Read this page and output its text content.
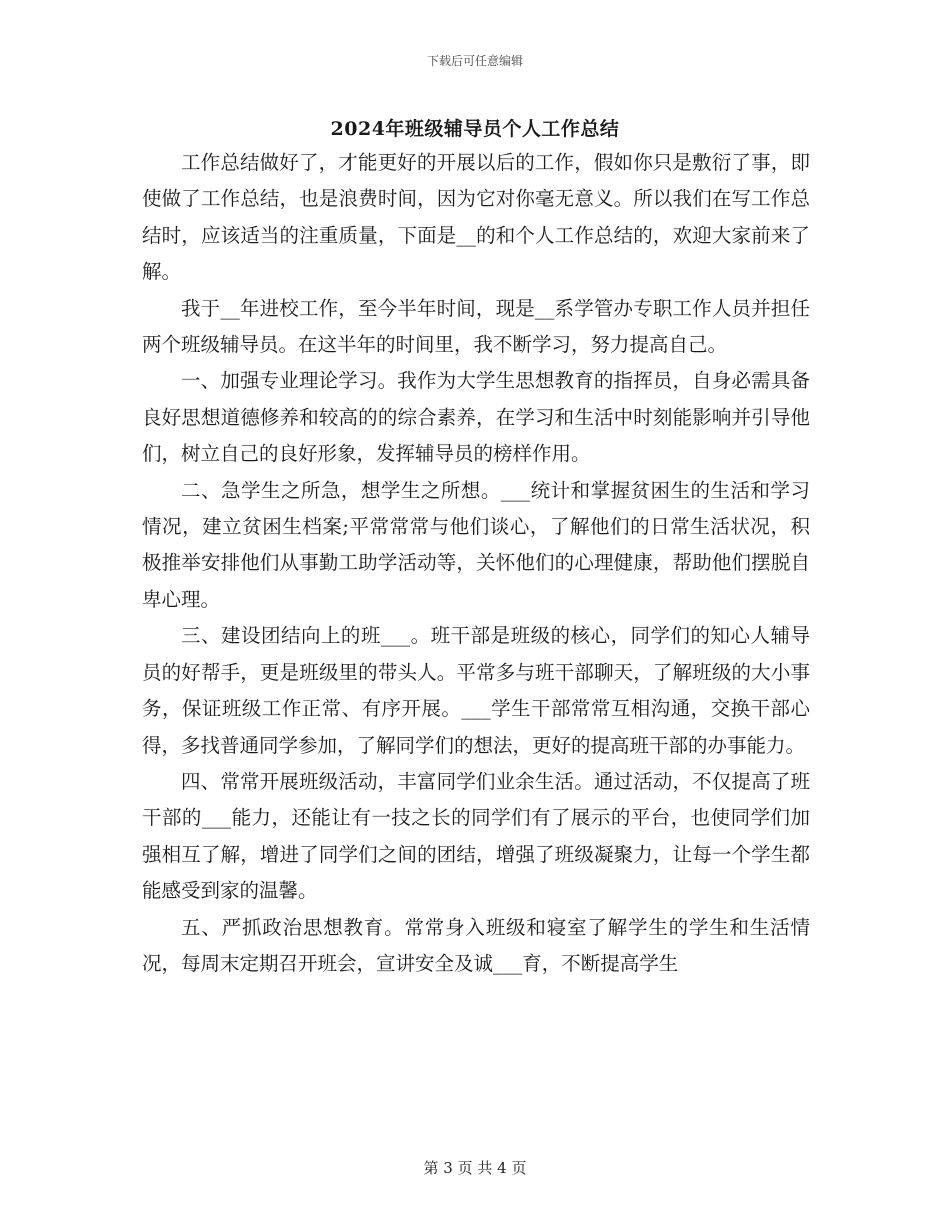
下载后可任意编辑
2024年班级辅导员个人工作总结

工作总结做好了，才能更好的开展以后的工作，假如你只是敷衍了事，即使做了工作总结，也是浪费时间，因为它对你毫无意义。所以我们在写工作总结时，应该适当的注重质量，下面是__的和个人工作总结的，欢迎大家前来了解。

我于__年进校工作，至今半年时间，现是__系学管办专职工作人员并担任两个班级辅导员。在这半年的时间里，我不断学习，努力提高自己。

一、加强专业理论学习。我作为大学生思想教育的指挥员，自身必需具备良好思想道德修养和较高的的综合素养，在学习和生活中时刻能影响并引导他们，树立自己的良好形象，发挥辅导员的榜样作用。

二、急学生之所急，想学生之所想。___统计和掌握贫困生的生活和学习情况，建立贫困生档案;平常常常与他们谈心，了解他们的日常生活状况，积极推举安排他们从事勤工助学活动等，关怀他们的心理健康，帮助他们摆脱自卑心理。

三、建设团结向上的班___。班干部是班级的核心，同学们的知心人辅导员的好帮手，更是班级里的带头人。平常多与班干部聊天，了解班级的大小事务，保证班级工作正常、有序开展。___学生干部常常互相沟通，交换干部心得，多找普通同学参加，了解同学们的想法，更好的提高班干部的办事能力。

四、常常开展班级活动，丰富同学们业余生活。通过活动，不仅提高了班干部的___能力，还能让有一技之长的同学们有了展示的平台，也使同学们加强相互了解，增进了同学们之间的团结，增强了班级凝聚力，让每一个学生都能感受到家的温馨。

五、严抓政治思想教育。常常身入班级和寝室了解学生的学生和生活情况，每周末定期召开班会，宣讲安全及诚___育，不断提高学生

第 3 页 共 4 页
